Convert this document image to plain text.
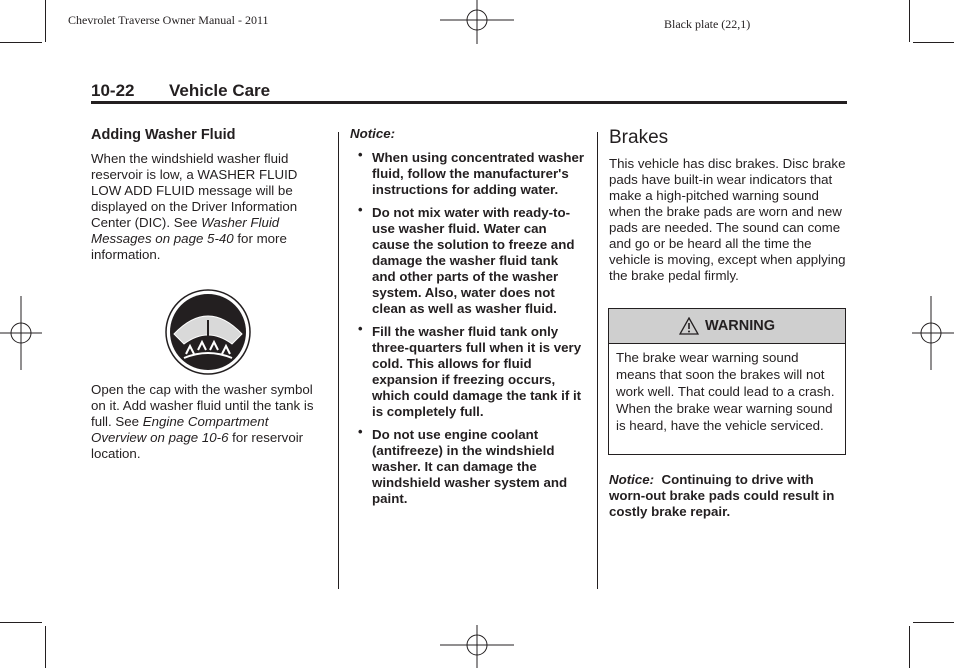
Chevrolet Traverse Owner Manual - 2011	Black plate (22,1)
10-22 Vehicle Care
Adding Washer Fluid
When the windshield washer fluid reservoir is low, a WASHER FLUID LOW ADD FLUID message will be displayed on the Driver Information Center (DIC). See Washer Fluid Messages on page 5-40 for more information.
Open the cap with the washer symbol on it. Add washer fluid until the tank is full. See Engine Compartment Overview on page 10-6 for reservoir location.
Notice:
• When using concentrated washer fluid, follow the manufacturer's instructions for adding water.
• Do not mix water with ready-to-use washer fluid. Water can cause the solution to freeze and damage the washer fluid tank and other parts of the washer system. Also, water does not clean as well as washer fluid.
• Fill the washer fluid tank only three-quarters full when it is very cold. This allows for fluid expansion if freezing occurs, which could damage the tank if it is completely full.
• Do not use engine coolant (antifreeze) in the windshield washer. It can damage the windshield washer system and paint.
Brakes
This vehicle has disc brakes. Disc brake pads have built-in wear indicators that make a high-pitched warning sound when the brake pads are worn and new pads are needed. The sound can come and go or be heard all the time the vehicle is moving, except when applying the brake pedal firmly.
WARNING
The brake wear warning sound means that soon the brakes will not work well. That could lead to a crash. When the brake wear warning sound is heard, have the vehicle serviced.
Notice: Continuing to drive with worn-out brake pads could result in costly brake repair.
